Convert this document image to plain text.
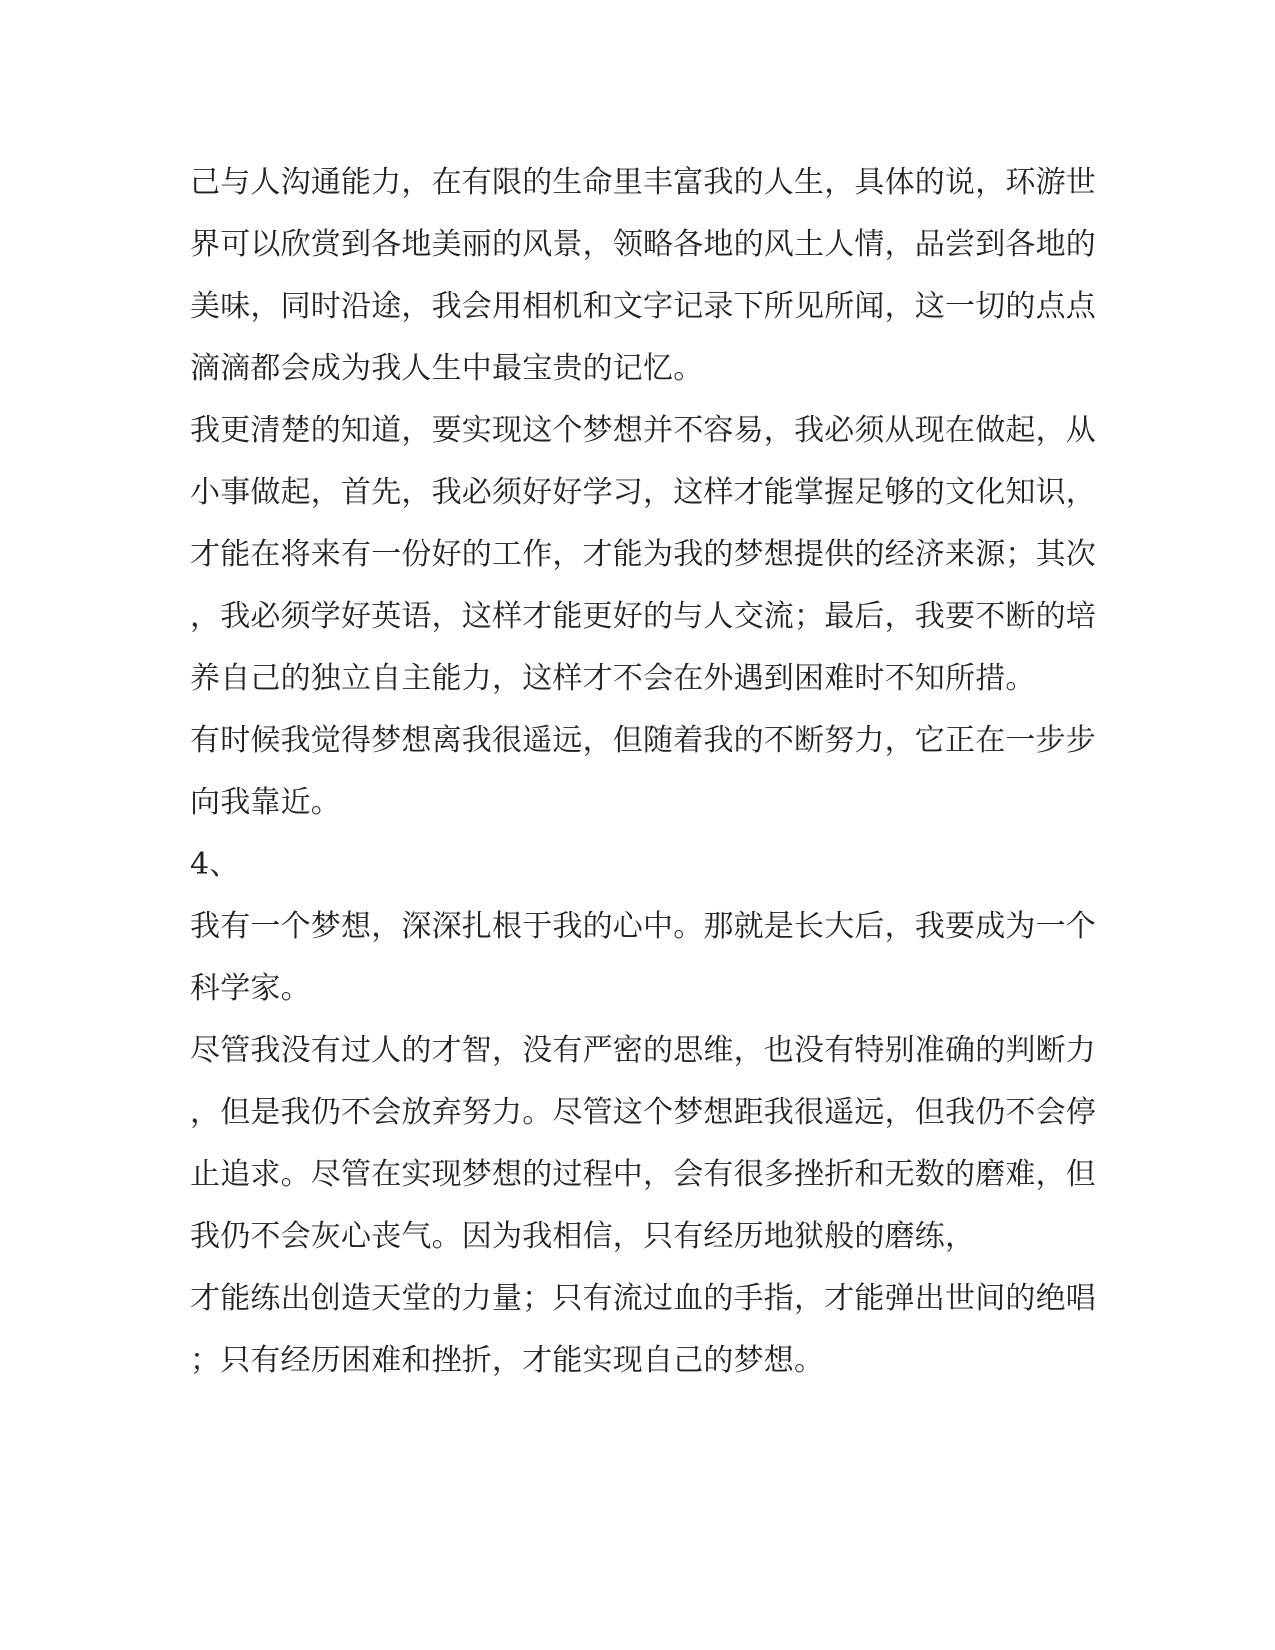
己与人沟通能力，在有限的生命里丰富我的人生，具体的说，环游世
界可以欣赏到各地美丽的风景，领略各地的风土人情，品尝到各地的
美味，同时沿途，我会用相机和文字记录下所见所闻，这一切的点点
滴滴都会成为我人生中最宝贵的记忆。
我更清楚的知道，要实现这个梦想并不容易，我必须从现在做起，从
小事做起，首先，我必须好好学习，这样才能掌握足够的文化知识，
才能在将来有一份好的工作，才能为我的梦想提供的经济来源；其次
，我必须学好英语，这样才能更好的与人交流；最后，我要不断的培
养自己的独立自主能力，这样才不会在外遇到困难时不知所措。
有时候我觉得梦想离我很遥远，但随着我的不断努力，它正在一步步
向我靠近。
4、
我有一个梦想，深深扎根于我的心中。那就是长大后，我要成为一个
科学家。
尽管我没有过人的才智，没有严密的思维，也没有特别准确的判断力
，但是我仍不会放弃努力。尽管这个梦想距我很遥远，但我仍不会停
止追求。尽管在实现梦想的过程中，会有很多挫折和无数的磨难，但
我仍不会灰心丧气。因为我相信，只有经历地狱般的磨练，
才能练出创造天堂的力量；只有流过血的手指，才能弹出世间的绝唱
；只有经历困难和挫折，才能实现自己的梦想。
